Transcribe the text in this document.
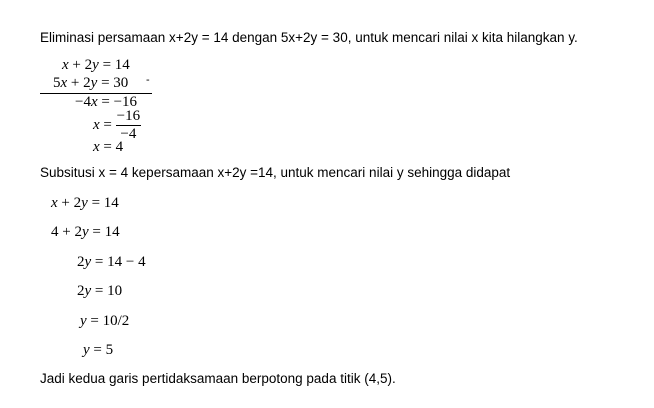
Eliminasi persamaan x+2y = 14 dengan 5x+2y = 30, untuk mencari nilai x kita hilangkan y.
x + 2y = 14
5x + 2y = 30 -
−4x = −16
$x = \frac{-16}{-4}$
x = 4
Subsitusi x = 4 kepersamaan x+2y =14, untuk mencari nilai y sehingga didapat
x + 2y = 14
4 + 2y = 14
2y = 14 − 4
2y = 10
y = 10/2
y = 5
Jadi kedua garis pertidaksamaan berpotong pada titik (4,5).
